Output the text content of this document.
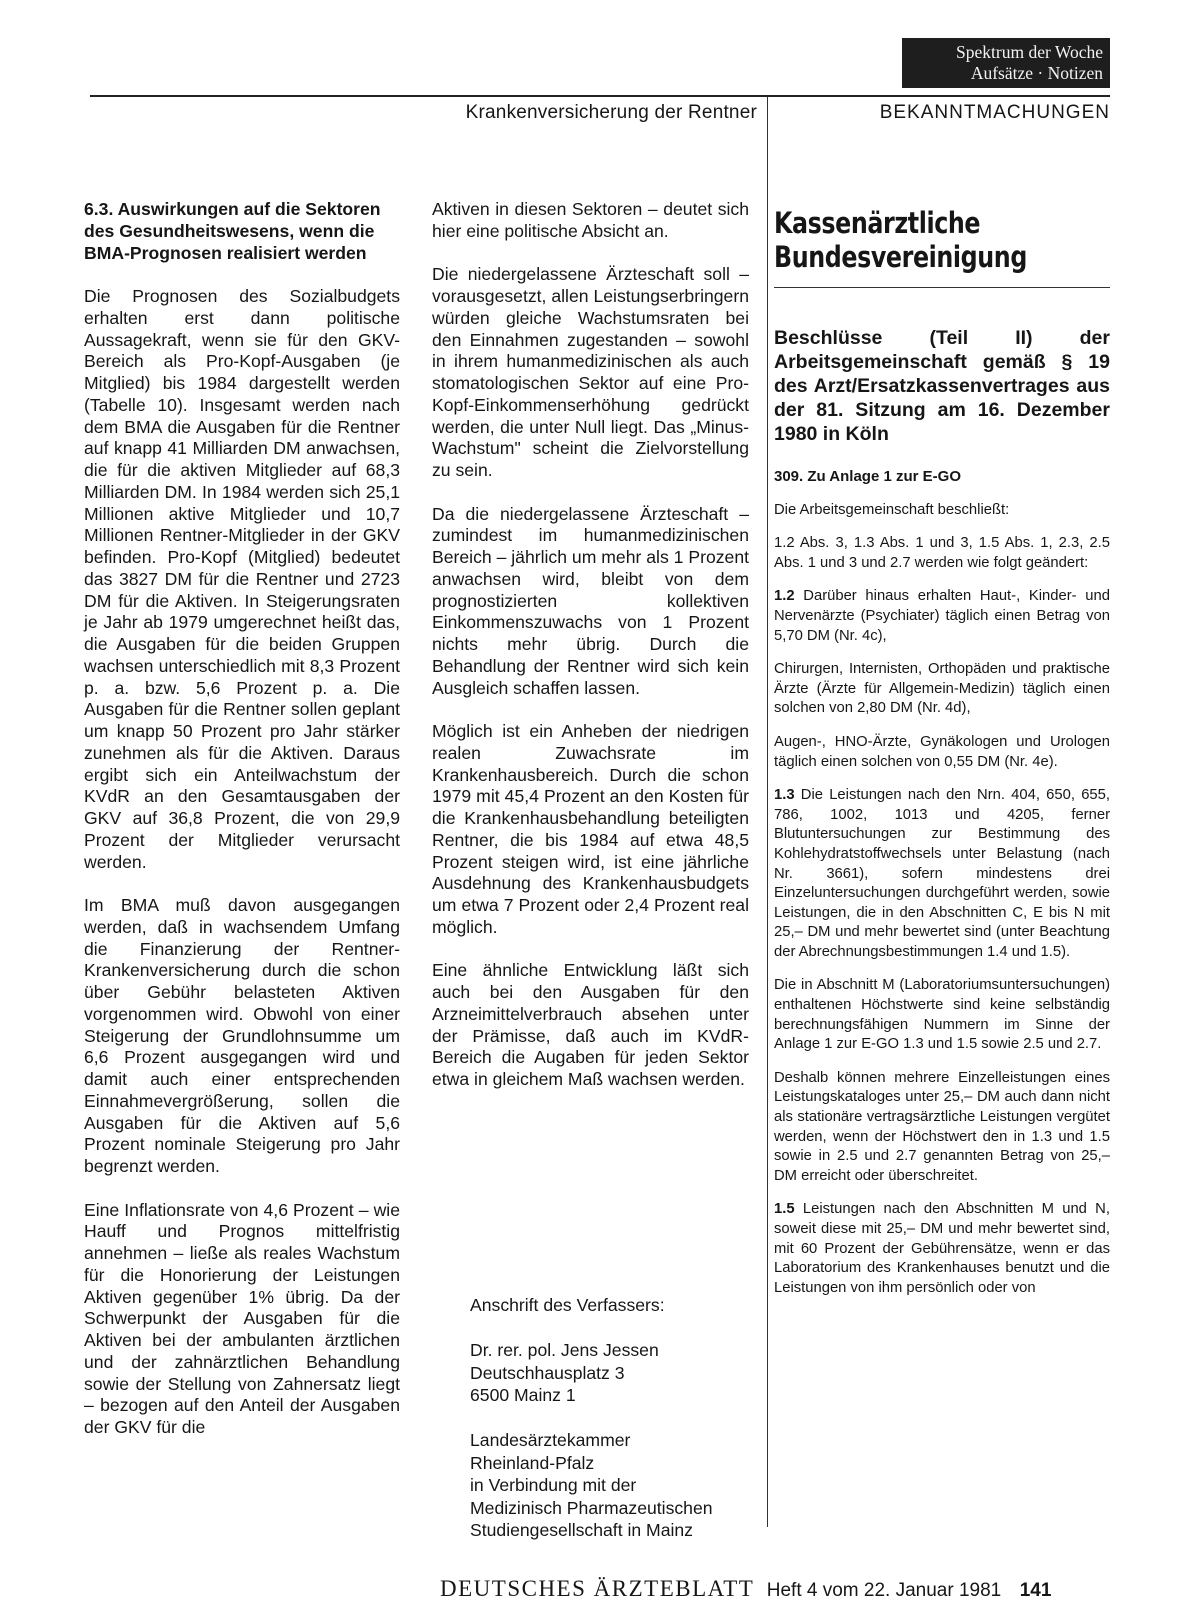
Spektrum der Woche
Aufsätze · Notizen
Krankenversicherung der Rentner	BEKANNTMACHUNGEN
6.3. Auswirkungen auf die Sektoren des Gesundheitswesens, wenn die BMA-Prognosen realisiert werden

Die Prognosen des Sozialbudgets erhalten erst dann politische Aussagekraft, wenn sie für den GKV-Bereich als Pro-Kopf-Ausgaben (je Mitglied) bis 1984 dargestellt werden (Tabelle 10). Insgesamt werden nach dem BMA die Ausgaben für die Rentner auf knapp 41 Milliarden DM anwachsen, die für die aktiven Mitglieder auf 68,3 Milliarden DM. In 1984 werden sich 25,1 Millionen aktive Mitglieder und 10,7 Millionen Rentner-Mitglieder in der GKV befinden. Pro-Kopf (Mitglied) bedeutet das 3827 DM für die Rentner und 2723 DM für die Aktiven. In Steigerungsraten je Jahr ab 1979 umgerechnet heißt das, die Ausgaben für die beiden Gruppen wachsen unterschiedlich mit 8,3 Prozent p. a. bzw. 5,6 Prozent p. a. Die Ausgaben für die Rentner sollen geplant um knapp 50 Prozent pro Jahr stärker zunehmen als für die Aktiven. Daraus ergibt sich ein Anteilwachstum der KVdR an den Gesamtausgaben der GKV auf 36,8 Prozent, die von 29,9 Prozent der Mitglieder verursacht werden.

Im BMA muß davon ausgegangen werden, daß in wachsendem Umfang die Finanzierung der Rentner-Krankenversicherung durch die schon über Gebühr belasteten Aktiven vorgenommen wird. Obwohl von einer Steigerung der Grundlohnsumme um 6,6 Prozent ausgegangen wird und damit auch einer entsprechenden Einnahmevergrößerung, sollen die Ausgaben für die Aktiven auf 5,6 Prozent nominale Steigerung pro Jahr begrenzt werden.

Eine Inflationsrate von 4,6 Prozent – wie Hauff und Prognos mittelfristig annehmen – ließe als reales Wachstum für die Honorierung der Leistungen Aktiven gegenüber 1% übrig. Da der Schwerpunkt der Ausgaben für die Aktiven bei der ambulanten ärztlichen und der zahnärztlichen Behandlung sowie der Stellung von Zahnersatz liegt – bezogen auf den Anteil der Ausgaben der GKV für die

Aktiven in diesen Sektoren – deutet sich hier eine politische Absicht an.

Die niedergelassene Ärzteschaft soll – vorausgesetzt, allen Leistungserbringern würden gleiche Wachstumsraten bei den Einnahmen zugestanden – sowohl in ihrem humanmedizinischen als auch stomatologischen Sektor auf eine Pro-Kopf-Einkommenserhöhung gedrückt werden, die unter Null liegt. Das „Minus-Wachstum" scheint die Zielvorstellung zu sein.

Da die niedergelassene Ärzteschaft – zumindest im humanmedizinischen Bereich – jährlich um mehr als 1 Prozent anwachsen wird, bleibt von dem prognostizierten kollektiven Einkommenszuwachs von 1 Prozent nichts mehr übrig. Durch die Behandlung der Rentner wird sich kein Ausgleich schaffen lassen.

Möglich ist ein Anheben der niedrigen realen Zuwachsrate im Krankenhausbereich. Durch die schon 1979 mit 45,4 Prozent an den Kosten für die Krankenhausbehandlung beteiligten Rentner, die bis 1984 auf etwa 48,5 Prozent steigen wird, ist eine jährliche Ausdehnung des Krankenhausbudgets um etwa 7 Prozent oder 2,4 Prozent real möglich.

Eine ähnliche Entwicklung läßt sich auch bei den Ausgaben für den Arzneimittelverbrauch absehen unter der Prämisse, daß auch im KVdR-Bereich die Augaben für jeden Sektor etwa in gleichem Maß wachsen werden.

Anschrift des Verfassers:
Dr. rer. pol. Jens Jessen
Deutschhausplatz 3
6500 Mainz 1
Landesärztekammer
Rheinland-Pfalz
in Verbindung mit der
Medizinisch Pharmazeutischen
Studiengesellschaft in Mainz
Kassenärztliche
Bundesvereinigung
Beschlüsse (Teil II) der Arbeitsgemeinschaft gemäß § 19 des Arzt/Ersatzkassenvertrages aus der 81. Sitzung am 16. Dezember 1980 in Köln
309. Zu Anlage 1 zur E-GO

Die Arbeitsgemeinschaft beschließt:

1.2 Abs. 3, 1.3 Abs. 1 und 3, 1.5 Abs. 1, 2.3, 2.5 Abs. 1 und 3 und 2.7 werden wie folgt geändert:

1.2 Darüber hinaus erhalten Haut-, Kinder- und Nervenärzte (Psychiater) täglich einen Betrag von 5,70 DM (Nr. 4c),

Chirurgen, Internisten, Orthopäden und praktische Ärzte (Ärzte für Allgemein-Medizin) täglich einen solchen von 2,80 DM (Nr. 4d),

Augen-, HNO-Ärzte, Gynäkologen und Urologen täglich einen solchen von 0,55 DM (Nr. 4e).

1.3 Die Leistungen nach den Nrn. 404, 650, 655, 786, 1002, 1013 und 4205, ferner Blutuntersuchungen zur Bestimmung des Kohlehydratstoffwechsels unter Belastung (nach Nr. 3661), sofern mindestens drei Einzeluntersuchungen durchgeführt werden, sowie Leistungen, die in den Abschnitten C, E bis N mit 25,– DM und mehr bewertet sind (unter Beachtung der Abrechnungsbestimmungen 1.4 und 1.5).

Die in Abschnitt M (Laboratoriumsuntersuchungen) enthaltenen Höchstwerte sind keine selbständig berechnungsfähigen Nummern im Sinne der Anlage 1 zur E-GO 1.3 und 1.5 sowie 2.5 und 2.7.

Deshalb können mehrere Einzelleistungen eines Leistungskataloges unter 25,– DM auch dann nicht als stationäre vertragsärztliche Leistungen vergütet werden, wenn der Höchstwert den in 1.3 und 1.5 sowie in 2.5 und 2.7 genannten Betrag von 25,– DM erreicht oder überschreitet.

1.5 Leistungen nach den Abschnitten M und N, soweit diese mit 25,– DM und mehr bewertet sind, mit 60 Prozent der Gebührensätze, wenn er das Laboratorium des Krankenhauses benutzt und die Leistungen von ihm persönlich oder von

DEUTSCHES ÄRZTEBLATT Heft 4 vom 22. Januar 1981 141
